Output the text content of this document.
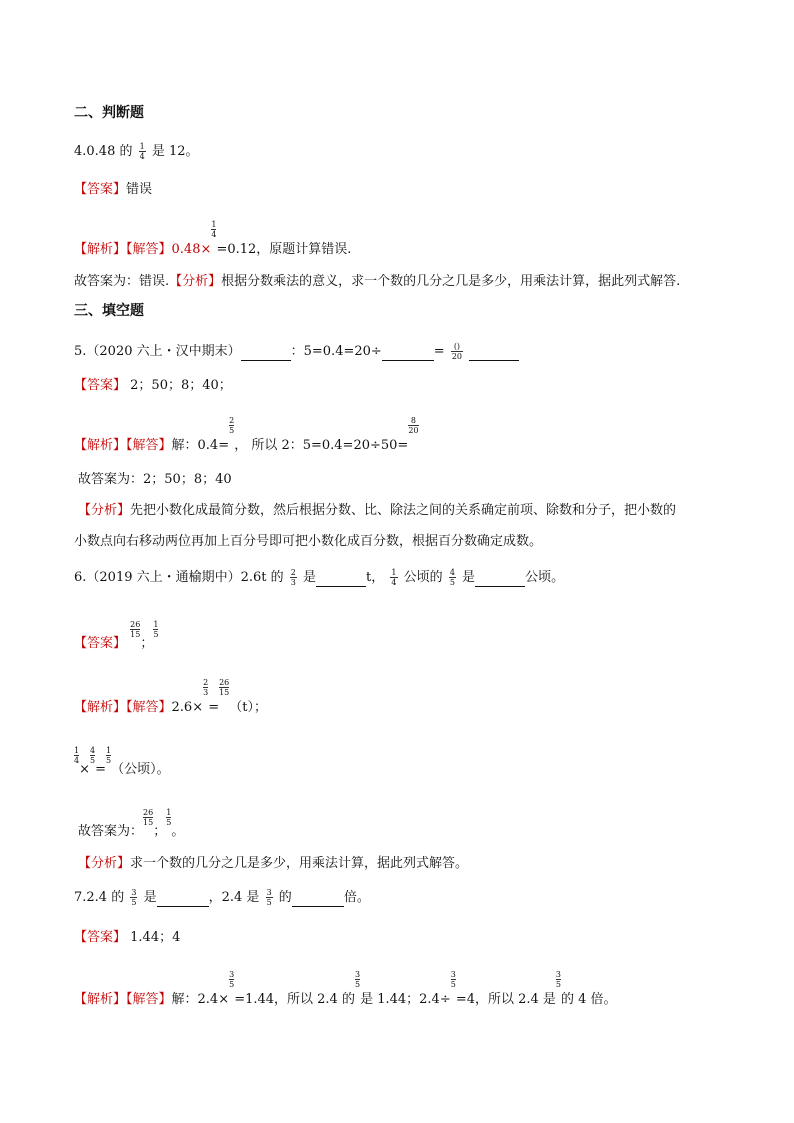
二、判断题
4.0.48 的 $\frac{1}{4}$ 是 12。
【答案】错误
【解析】【解答】0.48×
$\frac{1}{4}=0.12$，原题计算错误.
故答案为：错误.【分析】根据分数乘法的意义，求一个数的几分之几是多少，用乘法计算，据此列式解答.
三、填空题
5.（2020 六上・汉中期末）	：5=0.4=20÷	=	()
20

【答案】 2；50；8；40；
【解析】【解答】解：0.4=
$\frac{2}{5}$， 所以 2：5=0.4=20÷50=
$\frac{8}{20}$
故答案为：2；50；8；40
【分析】先把小数化成最简分数，然后根据分数、比、除法之间的关系确定前项、除数和分子，把小数的
小数点向右移动两位再加上百分号即可把小数化成百分数，根据百分数确定成数。
6.（2019 六上・通榆期中）2.6t 的 $\frac{2}{3}$ 是	t， $\frac{1}{4}$ 公顷的 $\frac{4}{5}$ 是	公顷。
【答案】
$\frac{26}{15}$；
$\frac{1}{5}$
【解析】【解答】2.6×
$\frac{2}{3}=$
$\frac{26}{15}(t)$；
$\frac{1}{4}\times$
$\frac{4}{5}=$
$\frac{1}{5}$（公顷）。
故答案为：
$\frac{26}{15}$；
$\frac{1}{5}$。
【分析】求一个数的几分之几是多少，用乘法计算，据此列式解答。
7.2.4 的 $\frac{3}{5}$ 是	，2.4 是 $\frac{3}{5}$ 的	倍。
【答案】 1.44；4
【解析】【解答】解：2.4×
$\frac{3}{5}=1.44$，所以 2.4 的
$\frac{3}{5}$是 1.44；2.4÷
$\frac{3}{5}=4$，所以 2.4 是
$\frac{3}{5}$的 4 倍。
